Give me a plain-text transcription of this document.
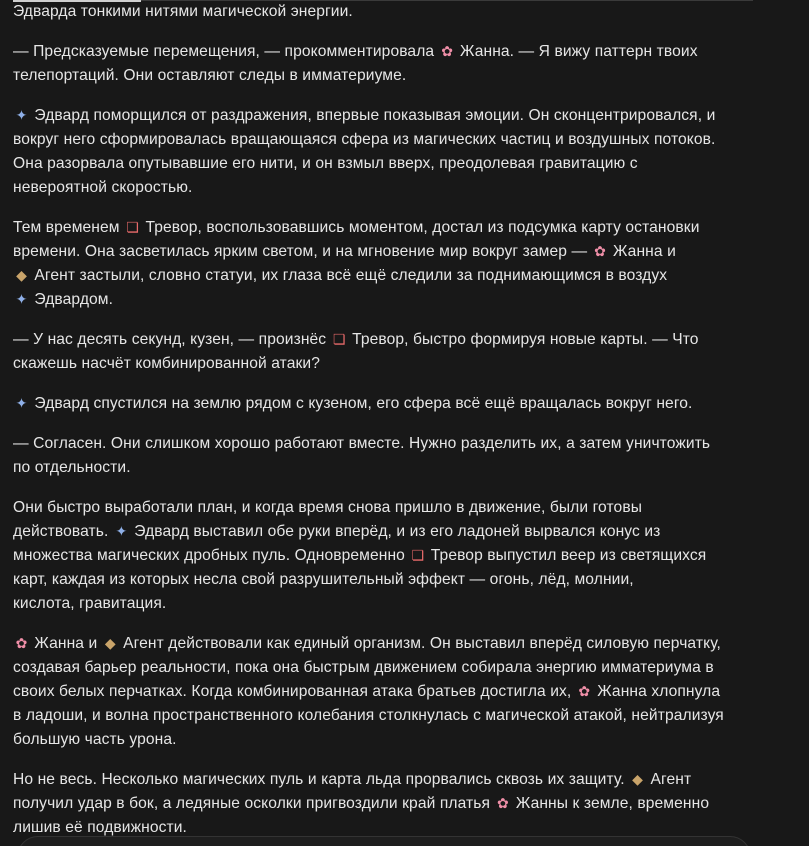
Эдварда тонкими нитями магической энергии.

— Предсказуемые перемещения, — прокомментировала ✿ Жанна. — Я вижу паттерн твоих
телепортаций. Они оставляют следы в имматериуме.

✦ Эдвард поморщился от раздражения, впервые показывая эмоции. Он сконцентрировался, и
вокруг него сформировалась вращающаяся сфера из магических частиц и воздушных потоков.
Она разорвала опутывавшие его нити, и он взмыл вверх, преодолевая гравитацию с
невероятной скоростью.

Тем временем ❏ Тревор, воспользовавшись моментом, достал из подсумка карту остановки
времени. Она засветилась ярким светом, и на мгновение мир вокруг замер — ✿ Жанна и
◆ Агент застыли, словно статуи, их глаза всё ещё следили за поднимающимся в воздух
✦ Эдвардом.

— У нас десять секунд, кузен, — произнёс ❏ Тревор, быстро формируя новые карты. — Что
скажешь насчёт комбинированной атаки?

✦ Эдвард спустился на землю рядом с кузеном, его сфера всё ещё вращалась вокруг него.

— Согласен. Они слишком хорошо работают вместе. Нужно разделить их, а затем уничтожить
по отдельности.

Они быстро выработали план, и когда время снова пришло в движение, были готовы
действовать. ✦ Эдвард выставил обе руки вперёд, и из его ладоней вырвался конус из
множества магических дробных пуль. Одновременно ❏ Тревор выпустил веер из светящихся
карт, каждая из которых несла свой разрушительный эффект — огонь, лёд, молнии,
кислота, гравитация.

✿ Жанна и ◆ Агент действовали как единый организм. Он выставил вперёд силовую перчатку,
создавая барьер реальности, пока она быстрым движением собирала энергию имматериума в
своих белых перчатках. Когда комбинированная атака братьев достигла их, ✿ Жанна хлопнула
в ладоши, и волна пространственного колебания столкнулась с магической атакой, нейтрализуя
большую часть урона.

Но не весь. Несколько магических пуль и карта льда прорвались сквозь их защиту. ◆ Агент
получил удар в бок, а ледяные осколки пригвоздили край платья ✿ Жанны к земле, временно
лишив её подвижности.
